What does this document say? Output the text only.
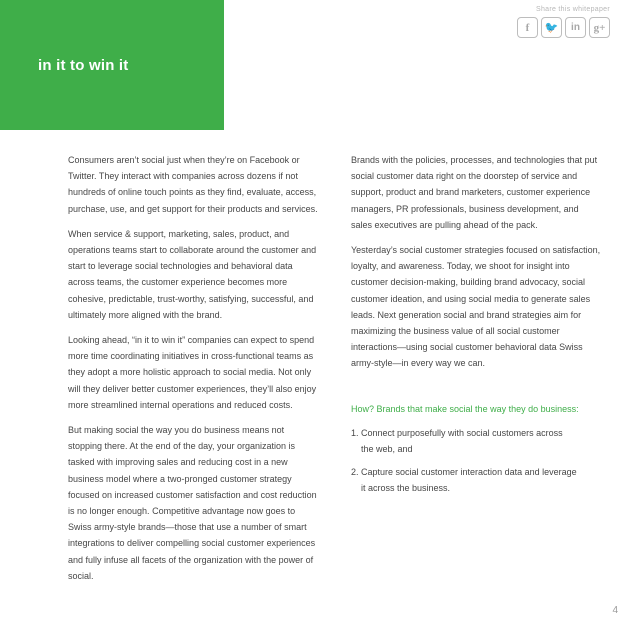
in it to win it
Share this whitepaper
f	🐦	in	g+

Consumers aren’t social just when they’re on Facebook or Twitter. They interact with companies across dozens if not hundreds of online touch points as they find, evaluate, access, purchase, use, and get support for their products and services.

When service & support, marketing, sales, product, and operations teams start to collaborate around the customer and start to leverage social technologies and behavioral data across teams, the customer experience becomes more cohesive, predictable, trust-worthy, satisfying, successful, and ultimately more aligned with the brand.

Looking ahead, “in it to win it” companies can expect to spend more time coordinating initiatives in cross-functional teams as they adopt a more holistic approach to social media. Not only will they deliver better customer experiences, they’ll also enjoy more streamlined internal operations and reduced costs.

But making social the way you do business means not stopping there. At the end of the day, your organization is tasked with improving sales and reducing cost in a new business model where a two-pronged customer strategy focused on increased customer satisfaction and cost reduction is no longer enough. Competitive advantage now goes to Swiss army-style brands—those that use a number of smart integrations to deliver compelling social customer experiences and fully infuse all facets of the organization with the power of social.

Brands with the policies, processes, and technologies that put social customer data right on the doorstep of service and support, product and brand marketers, customer experience managers, PR professionals, business development, and sales executives are pulling ahead of the pack.

Yesterday’s social customer strategies focused on satisfaction, loyalty, and awareness. Today, we shoot for insight into customer decision-making, building brand advocacy, social customer ideation, and using social media to generate sales leads. Next generation social and brand strategies aim for maximizing the business value of all social customer interactions—using social customer behavioral data Swiss army-style—in every way we can.

How? Brands that make social the way they do business:

1. Connect purposefully with social customers across
the web, and

2. Capture social customer interaction data and leverage
it across the business.

4
